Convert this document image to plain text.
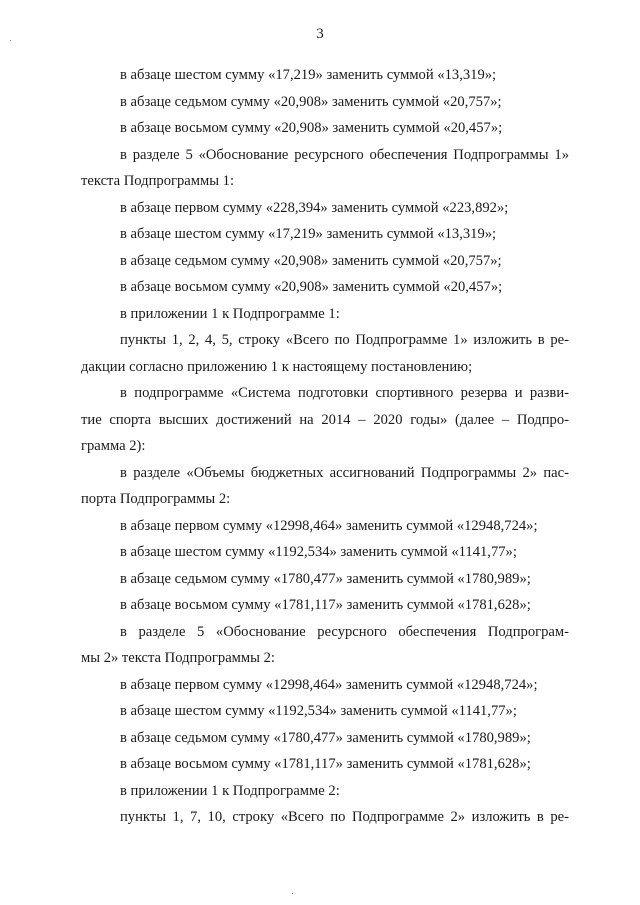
3
в абзаце шестом сумму «17,219» заменить суммой «13,319»;
в абзаце седьмом сумму «20,908» заменить суммой «20,757»;
в абзаце восьмом сумму «20,908» заменить суммой «20,457»;
в разделе 5 «Обоснование ресурсного обеспечения Подпрограммы 1»
текста Подпрограммы 1:
в абзаце первом сумму «228,394» заменить суммой «223,892»;
в абзаце шестом сумму «17,219» заменить суммой «13,319»;
в абзаце седьмом сумму «20,908» заменить суммой «20,757»;
в абзаце восьмом сумму «20,908» заменить суммой «20,457»;
в приложении 1 к Подпрограмме 1:
пункты 1, 2, 4, 5, строку «Всего по Подпрограмме 1» изложить в ре-
дакции согласно приложению 1 к настоящему постановлению;
в подпрограмме «Система подготовки спортивного резерва и разви-
тие спорта высших достижений на 2014 – 2020 годы» (далее – Подпро-
грамма 2):
в разделе «Объемы бюджетных ассигнований Подпрограммы 2» пас-
порта Подпрограммы 2:
в абзаце первом сумму «12998,464» заменить суммой «12948,724»;
в абзаце шестом сумму «1192,534» заменить суммой «1141,77»;
в абзаце седьмом сумму «1780,477» заменить суммой «1780,989»;
в абзаце восьмом сумму «1781,117» заменить суммой «1781,628»;
в разделе 5 «Обоснование ресурсного обеспечения Подпрограм-
мы 2» текста Подпрограммы 2:
в абзаце первом сумму «12998,464» заменить суммой «12948,724»;
в абзаце шестом сумму «1192,534» заменить суммой «1141,77»;
в абзаце седьмом сумму «1780,477» заменить суммой «1780,989»;
в абзаце восьмом сумму «1781,117» заменить суммой «1781,628»;
в приложении 1 к Подпрограмме 2:
пункты 1, 7, 10, строку «Всего по Подпрограмме 2» изложить в ре-
